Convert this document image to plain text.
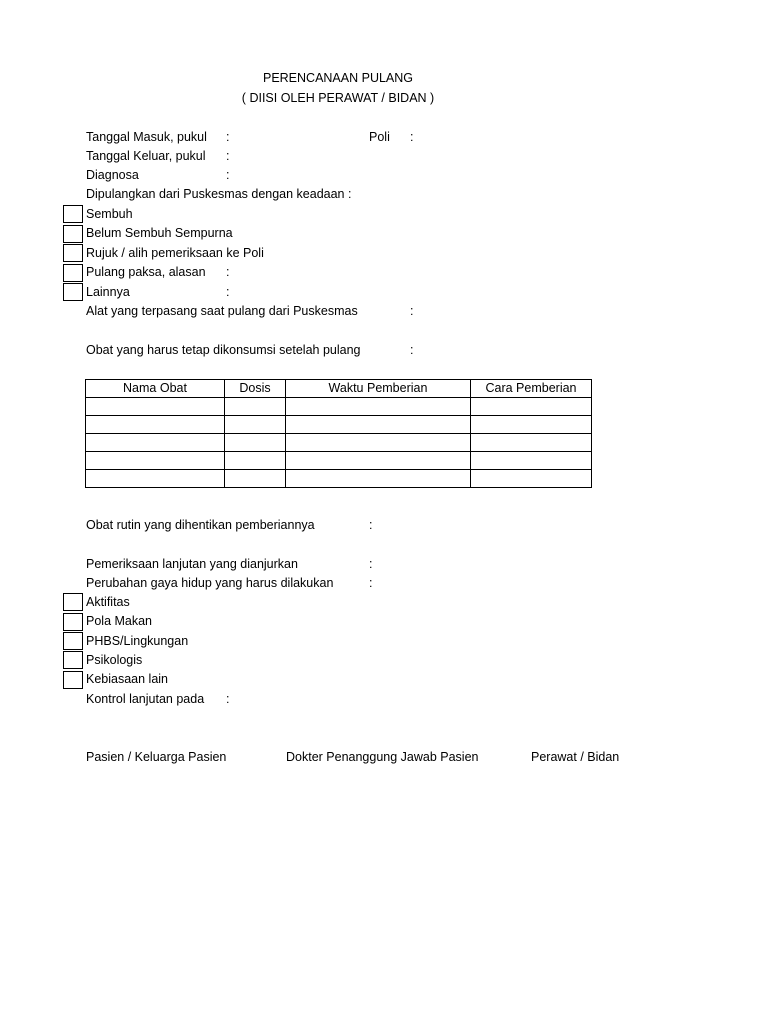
PERENCANAAN PULANG
( DIISI OLEH PERAWAT / BIDAN )
Tanggal Masuk, pukul :	Poli :
Tanggal Keluar, pukul :
Diagnosa	:
Dipulangkan dari Puskesmas dengan keadaan :
Sembuh
Belum Sembuh Sempurna
Rujuk / alih pemeriksaan ke Poli
Pulang paksa, alasan :
Lainnya	:
Alat yang terpasang saat pulang dari Puskesmas	:
Obat yang harus tetap dikonsumsi setelah pulang	:
Nama Obat	Dosis	Waktu Pemberian	Cara Pemberian

Obat rutin yang dihentikan pemberiannya	:
Pemeriksaan lanjutan yang dianjurkan	:
Perubahan gaya hidup yang harus dilakukan	:
Aktifitas
Pola Makan
PHBS/Lingkungan
Psikologis
Kebiasaan lain
Kontrol lanjutan pada :
Pasien / Keluarga Pasien	Dokter Penanggung Jawab Pasien	Perawat / Bidan
